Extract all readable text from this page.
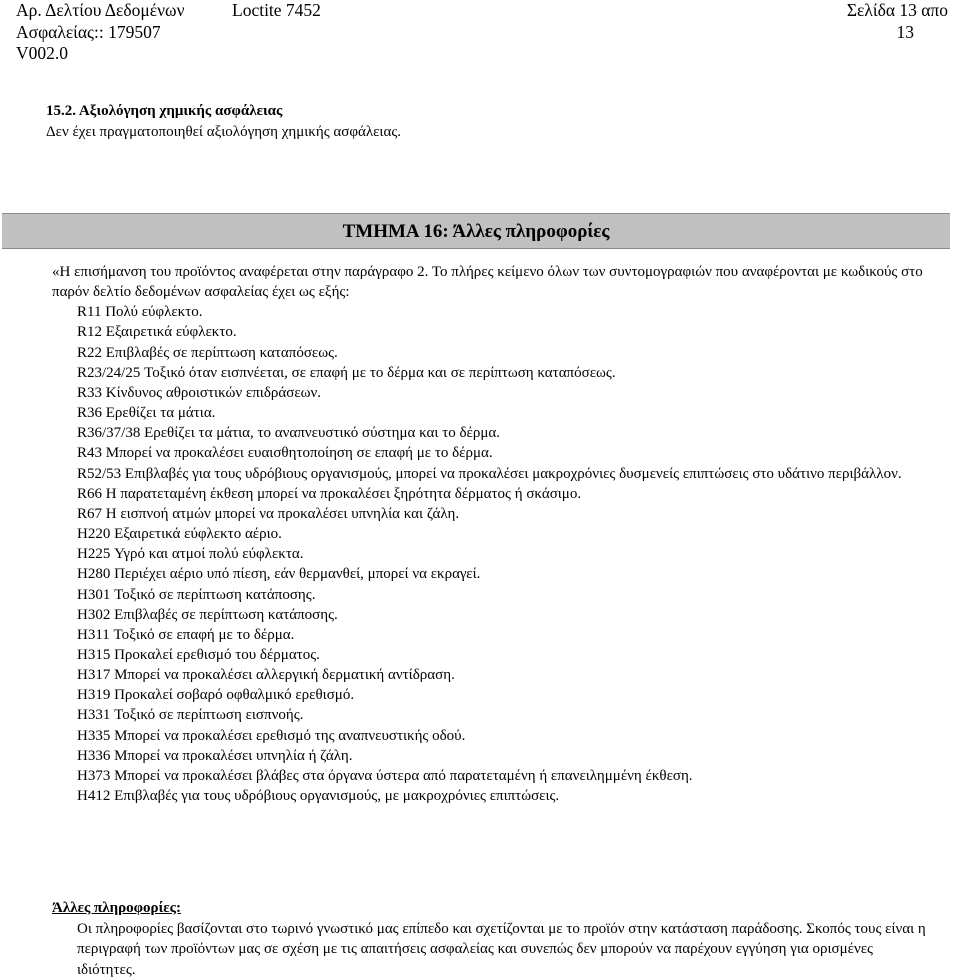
Αρ. Δελτίου Δεδομένων	Loctite 7452	Σελίδα 13 απο
Ασφαλείας:: 179507	13
V002.0
15.2. Αξιολόγηση χημικής ασφάλειας
Δεν έχει πραγματοποιηθεί αξιολόγηση χημικής ασφάλειας.
ΤΜΗΜΑ 16: Άλλες πληροφορίες

«Η επισήμανση του προϊόντος αναφέρεται στην παράγραφο 2. Το πλήρες κείμενο όλων των συντομογραφιών που αναφέρονται με κωδικούς στο παρόν δελτίο δεδομένων ασφαλείας έχει ως εξής:

R11 Πολύ εύφλεκτο.
R12 Εξαιρετικά εύφλεκτο.
R22 Επιβλαβές σε περίπτωση καταπόσεως.
R23/24/25 Τοξικό όταν εισπνέεται, σε επαφή με το δέρμα και σε περίπτωση καταπόσεως.
R33 Κίνδυνος αθροιστικών επιδράσεων.
R36 Ερεθίζει τα μάτια.
R36/37/38 Ερεθίζει τα μάτια, το αναπνευστικό σύστημα και το δέρμα.
R43 Μπορεί να προκαλέσει ευαισθητοποίηση σε επαφή με το δέρμα.
R52/53 Επιβλαβές για τους υδρόβιους οργανισμούς, μπορεί να προκαλέσει μακροχρόνιες δυσμενείς επιπτώσεις στο υδάτινο περιβάλλον.
R66 Η παρατεταμένη έκθεση μπορεί να προκαλέσει ξηρότητα δέρματος ή σκάσιμο.
R67 Η εισπνοή ατμών μπορεί να προκαλέσει υπνηλία και ζάλη.
H220 Εξαιρετικά εύφλεκτο αέριο.
H225 Υγρό και ατμοί πολύ εύφλεκτα.
H280 Περιέχει αέριο υπό πίεση, εάν θερμανθεί, μπορεί να εκραγεί.
H301 Τοξικό σε περίπτωση κατάποσης.
H302 Επιβλαβές σε περίπτωση κατάποσης.
H311 Τοξικό σε επαφή με το δέρμα.
H315 Προκαλεί ερεθισμό του δέρματος.
H317 Μπορεί να προκαλέσει αλλεργική δερματική αντίδραση.
H319 Προκαλεί σοβαρό οφθαλμικό ερεθισμό.
H331 Τοξικό σε περίπτωση εισπνοής.
H335 Μπορεί να προκαλέσει ερεθισμό της αναπνευστικής οδού.
H336 Μπορεί να προκαλέσει υπνηλία ή ζάλη.
H373 Μπορεί να προκαλέσει βλάβες στα όργανα ύστερα από παρατεταμένη ή επανειλημμένη έκθεση.
H412 Επιβλαβές για τους υδρόβιους οργανισμούς, με μακροχρόνιες επιπτώσεις.
Άλλες πληροφορίες:

Οι πληροφορίες βασίζονται στο τωρινό γνωστικό μας επίπεδο και σχετίζονται με το προϊόν στην κατάσταση παράδοσης. Σκοπός τους είναι η περιγραφή των προϊόντων μας σε σχέση με τις απαιτήσεις ασφαλείας και συνεπώς δεν μπορούν να παρέχουν εγγύηση για ορισμένες ιδιότητες.
